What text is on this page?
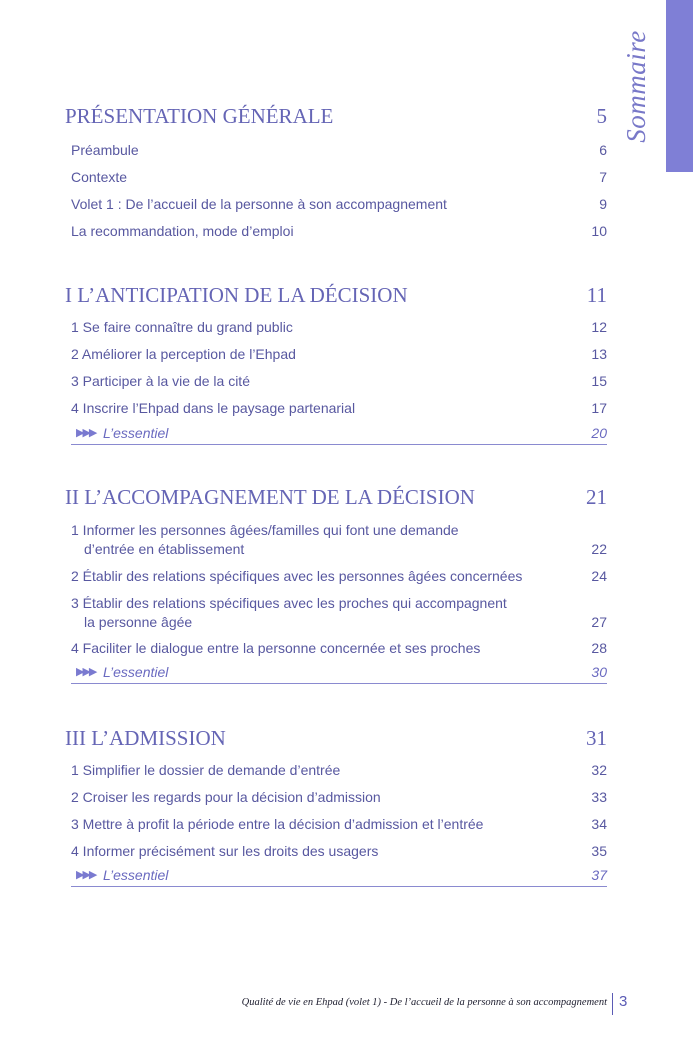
Sommaire
PRÉSENTATION GÉNÉRALE	5
Préambule	6
Contexte	7
Volet 1 : De l’accueil de la personne à son accompagnement	9
La recommandation, mode d’emploi	10
I L’ANTICIPATION DE LA DÉCISION	11
1 Se faire connaître du grand public	12
2 Améliorer la perception de l’Ehpad	13
3 Participer à la vie de la cité	15
4 Inscrire l’Ehpad dans le paysage partenarial	17
▶▶▶ L’essentiel	20
II L’ACCOMPAGNEMENT DE LA DÉCISION	21
1 Informer les personnes âgées/familles qui font une demande
d’entrée en établissement	22
2 Établir des relations spécifiques avec les personnes âgées concernées	24
3 Établir des relations spécifiques avec les proches qui accompagnent
la personne âgée	27
4 Faciliter le dialogue entre la personne concernée et ses proches	28
▶▶▶ L’essentiel	30
III L’ADMISSION	31
1 Simplifier le dossier de demande d’entrée	32
2 Croiser les regards pour la décision d’admission	33
3 Mettre à profit la période entre la décision d’admission et l’entrée	34
4 Informer précisément sur les droits des usagers	35
▶▶▶ L’essentiel	37
Qualité de vie en Ehpad (volet 1) - De l’accueil de la personne à son accompagnement 3
